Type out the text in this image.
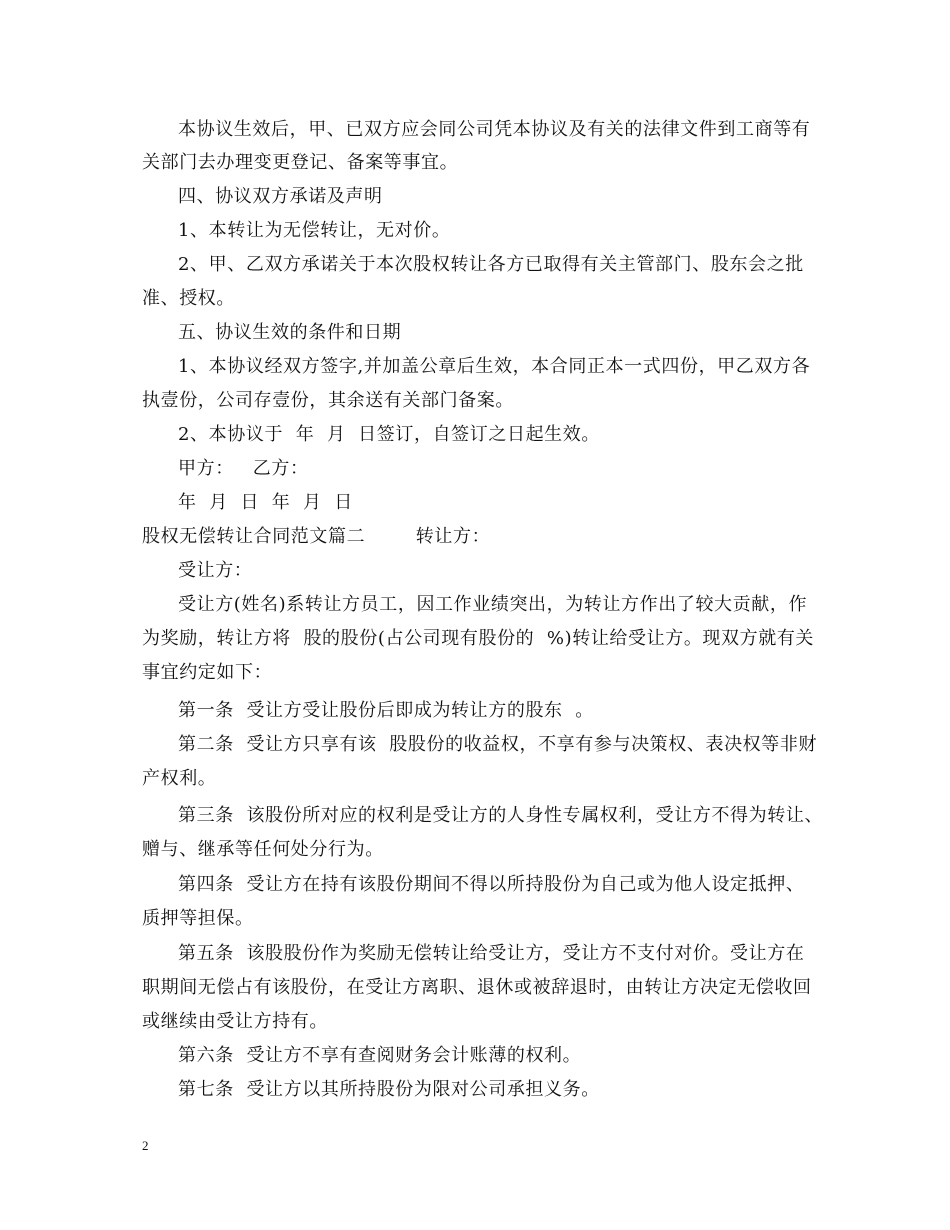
本协议生效后，甲、已双方应会同公司凭本协议及有关的法律文件到工商等有
关部门去办理变更登记、备案等事宜。
四、协议双方承诺及声明
1、本转让为无偿转让，无对价。
2、甲、乙双方承诺关于本次股权转让各方已取得有关主管部门、股东会之批
准、授权。
五、协议生效的条件和日期
1、本协议经双方签字,并加盖公章后生效，本合同正本一式四份，甲乙双方各
执壹份，公司存壹份，其余送有关部门备案。
2、本协议于  年  月  日签订，自签订之日起生效。
甲方：   乙方：
年  月  日  年  月  日
股权无偿转让合同范文篇二        转让方：
受让方：
受让方(姓名)系转让方员工，因工作业绩突出，为转让方作出了较大贡献，作
为奖励，转让方将  股的股份(占公司现有股份的  %)转让给受让方。现双方就有关
事宜约定如下：
第一条  受让方受让股份后即成为转让方的股东  。
第二条  受让方只享有该  股股份的收益权，不享有参与决策权、表决权等非财
产权利。
第三条  该股份所对应的权利是受让方的人身性专属权利，受让方不得为转让、
赠与、继承等任何处分行为。
第四条  受让方在持有该股份期间不得以所持股份为自己或为他人设定抵押、
质押等担保。
第五条  该股股份作为奖励无偿转让给受让方，受让方不支付对价。受让方在
职期间无偿占有该股份，在受让方离职、退休或被辞退时，由转让方决定无偿收回
或继续由受让方持有。
第六条  受让方不享有查阅财务会计账薄的权利。
第七条  受让方以其所持股份为限对公司承担义务。
2
